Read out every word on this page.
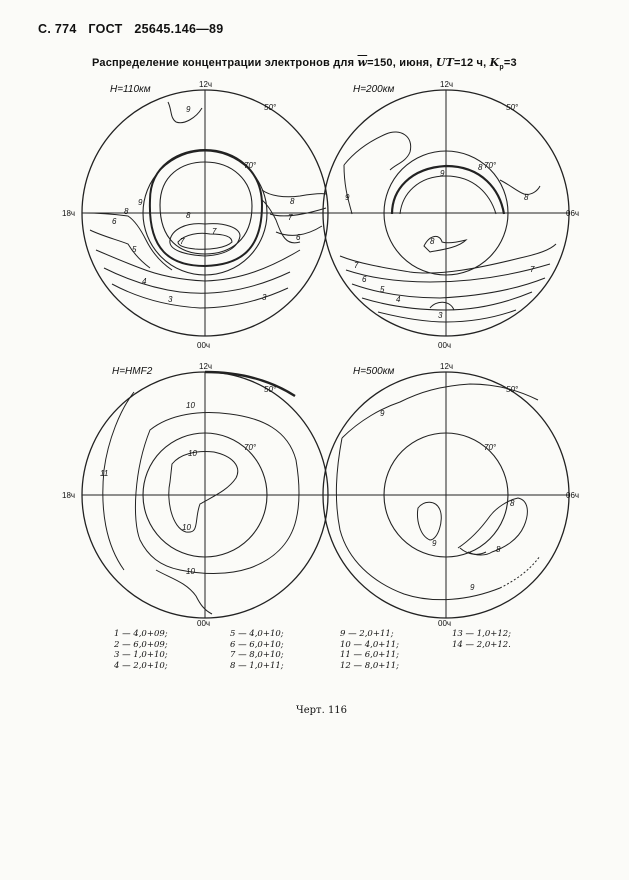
С. 774 ГОСТ 25645.146—89
Распределение концентрации электронов для $\overline{w}=150$, июня, UT=12 ч, $K_p=3$
H=110км	H=200км
H=HMF2	H=500км
12ч
00ч
18ч
50°
70°
9
8
8
7
6
6
5
4
3	3
9
8
7
7
12ч
00ч
06ч
50°
70°
9
9
8
8
8
7	7
6
5
4
3
12ч
00ч
18ч
50°
70°
10
10
10
10
11
12ч
00ч
06ч
50°
70°
9
9
8
8
9
1 — 4,0+09;
2 — 6,0+09;
3 — 1,0+10;
4 — 2,0+10;
5 — 4,0+10;
6 — 6,0+10;
7 — 8,0+10;
8 — 1,0+11;
9 — 2,0+11;
10 — 4,0+11;
11 — 6,0+11;
12 — 8,0+11;
13 — 1,0+12;
14 — 2,0+12.
Черт. 116
